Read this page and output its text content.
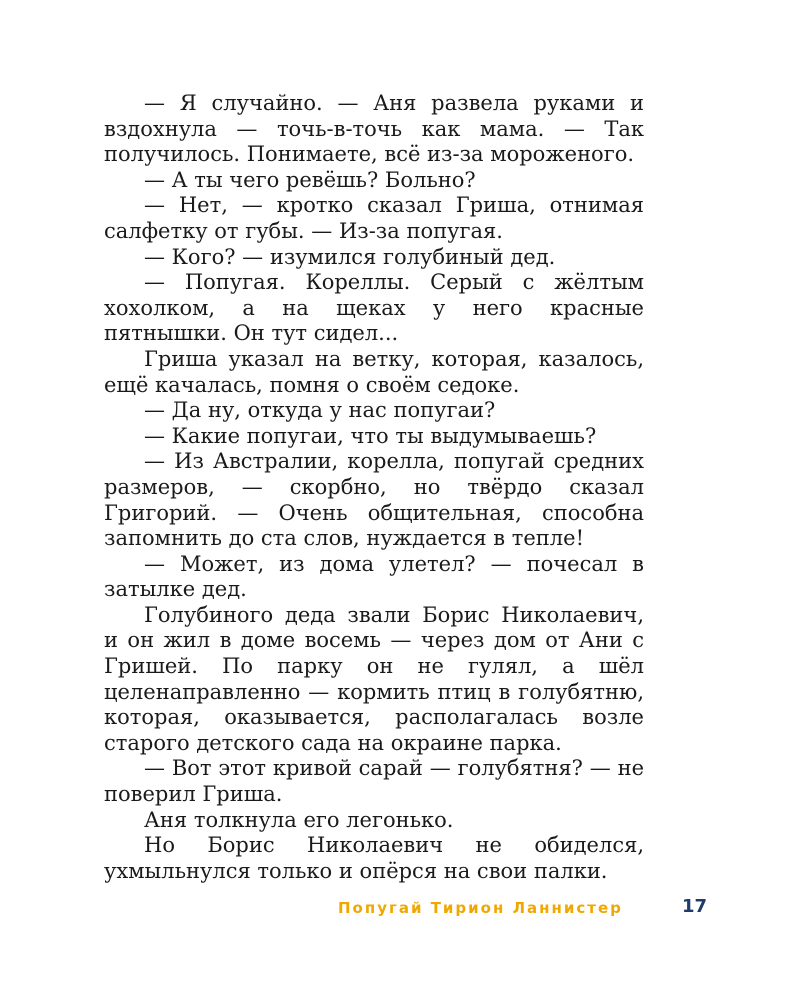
— Я случайно. — Аня развела руками и вздохнула — точь-в-точь как мама. — Так получилось. Понимаете, всё из-за мороженого.

— А ты чего ревёшь? Больно?

— Нет, — кротко сказал Гриша, отнимая салфетку от губы. — Из-за попугая.

— Кого? — изумился голубиный дед.

— Попугая. Кореллы. Серый с жёлтым хохолком, а на щеках у него красные пятнышки. Он тут сидел...

Гриша указал на ветку, которая, казалось, ещё качалась, помня о своём седоке.

— Да ну, откуда у нас попугаи?

— Какие попугаи, что ты выдумываешь?

— Из Австралии, корелла, попугай средних размеров, — скорбно, но твёрдо сказал Григорий. — Очень общительная, способна запомнить до ста слов, нуждается в тепле!

— Может, из дома улетел? — почесал в затылке дед.

Голубиного деда звали Борис Николаевич, и он жил в доме восемь — через дом от Ани с Гришей. По парку он не гулял, а шёл целенаправленно — кормить птиц в голубятню, которая, оказывается, располагалась возле старого детского сада на окраине парка.

— Вот этот кривой сарай — голубятня? — не поверил Гриша.

Аня толкнула его легонько.

Но Борис Николаевич не обиделся, ухмыльнулся только и опёрся на свои палки.

Попугай Тирион Ланнистер	17
